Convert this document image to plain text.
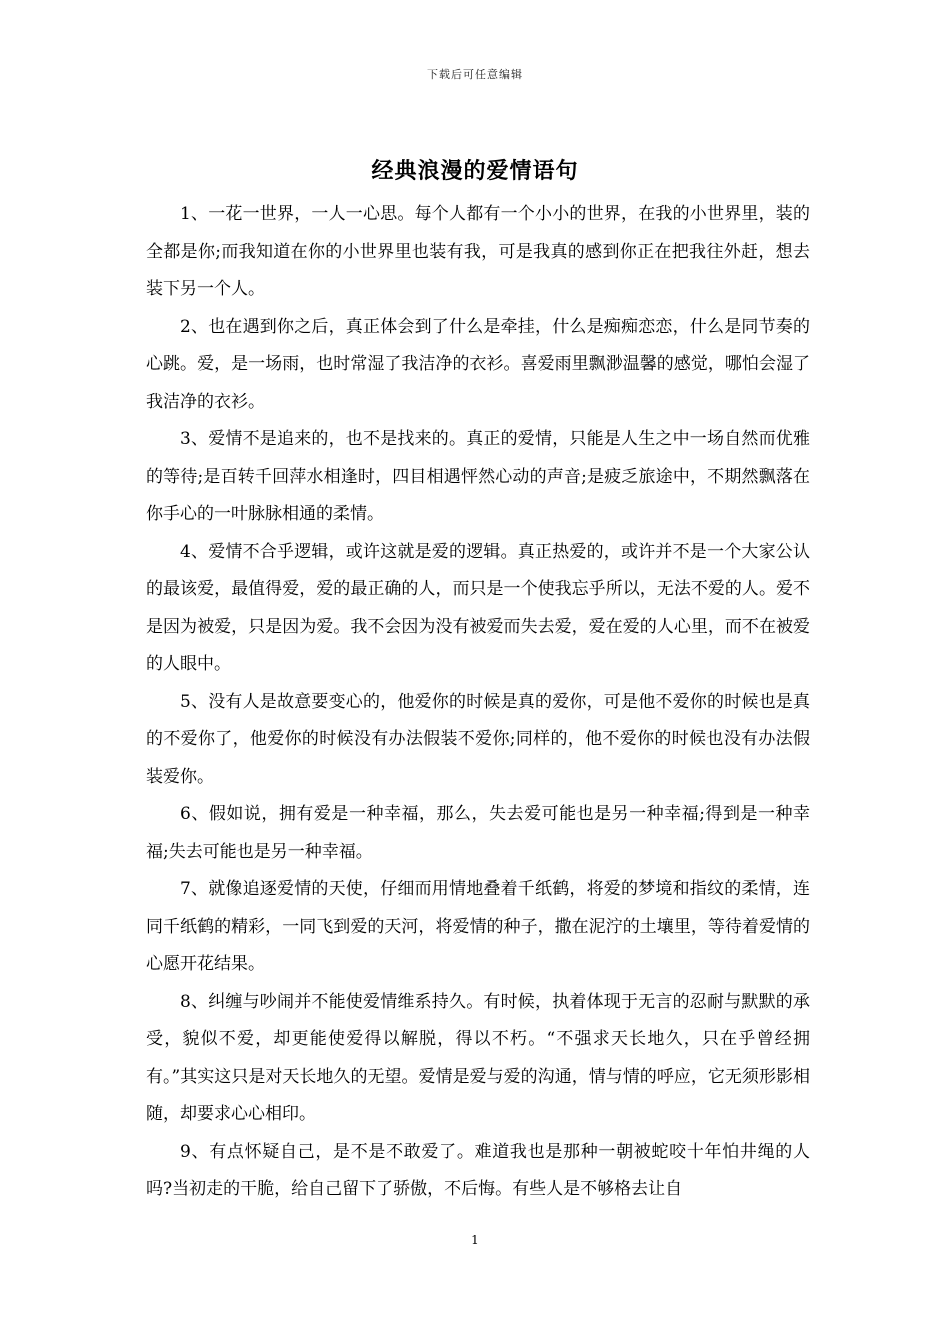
下载后可任意编辑
经典浪漫的爱情语句

1、一花一世界，一人一心思。每个人都有一个小小的世界，在我的小世界里，装的全都是你;而我知道在你的小世界里也装有我，可是我真的感到你正在把我往外赶，想去装下另一个人。

2、也在遇到你之后，真正体会到了什么是牵挂，什么是痴痴恋恋，什么是同节奏的心跳。爱，是一场雨，也时常湿了我洁净的衣衫。喜爱雨里飘渺温馨的感觉，哪怕会湿了我洁净的衣衫。

3、爱情不是追来的，也不是找来的。真正的爱情，只能是人生之中一场自然而优雅的等待;是百转千回萍水相逢时，四目相遇怦然心动的声音;是疲乏旅途中，不期然飘落在你手心的一叶脉脉相通的柔情。

4、爱情不合乎逻辑，或许这就是爱的逻辑。真正热爱的，或许并不是一个大家公认的最该爱，最值得爱，爱的最正确的人，而只是一个使我忘乎所以，无法不爱的人。爱不是因为被爱，只是因为爱。我不会因为没有被爱而失去爱，爱在爱的人心里，而不在被爱的人眼中。

5、没有人是故意要变心的，他爱你的时候是真的爱你，可是他不爱你的时候也是真的不爱你了，他爱你的时候没有办法假装不爱你;同样的，他不爱你的时候也没有办法假装爱你。

6、假如说，拥有爱是一种幸福，那么，失去爱可能也是另一种幸福;得到是一种幸福;失去可能也是另一种幸福。

7、就像追逐爱情的天使，仔细而用情地叠着千纸鹤，将爱的梦境和指纹的柔情，连同千纸鹤的精彩，一同飞到爱的天河，将爱情的种子，撒在泥泞的土壤里，等待着爱情的心愿开花结果。

8、纠缠与吵闹并不能使爱情维系持久。有时候，执着体现于无言的忍耐与默默的承受，貌似不爱，却更能使爱得以解脱，得以不朽。“不强求天长地久，只在乎曾经拥有。”其实这只是对天长地久的无望。爱情是爱与爱的沟通，情与情的呼应，它无须形影相随，却要求心心相印。

9、有点怀疑自己，是不是不敢爱了。难道我也是那种一朝被蛇咬十年怕井绳的人吗?当初走的干脆，给自己留下了骄傲，不后悔。有些人是不够格去让自

1
